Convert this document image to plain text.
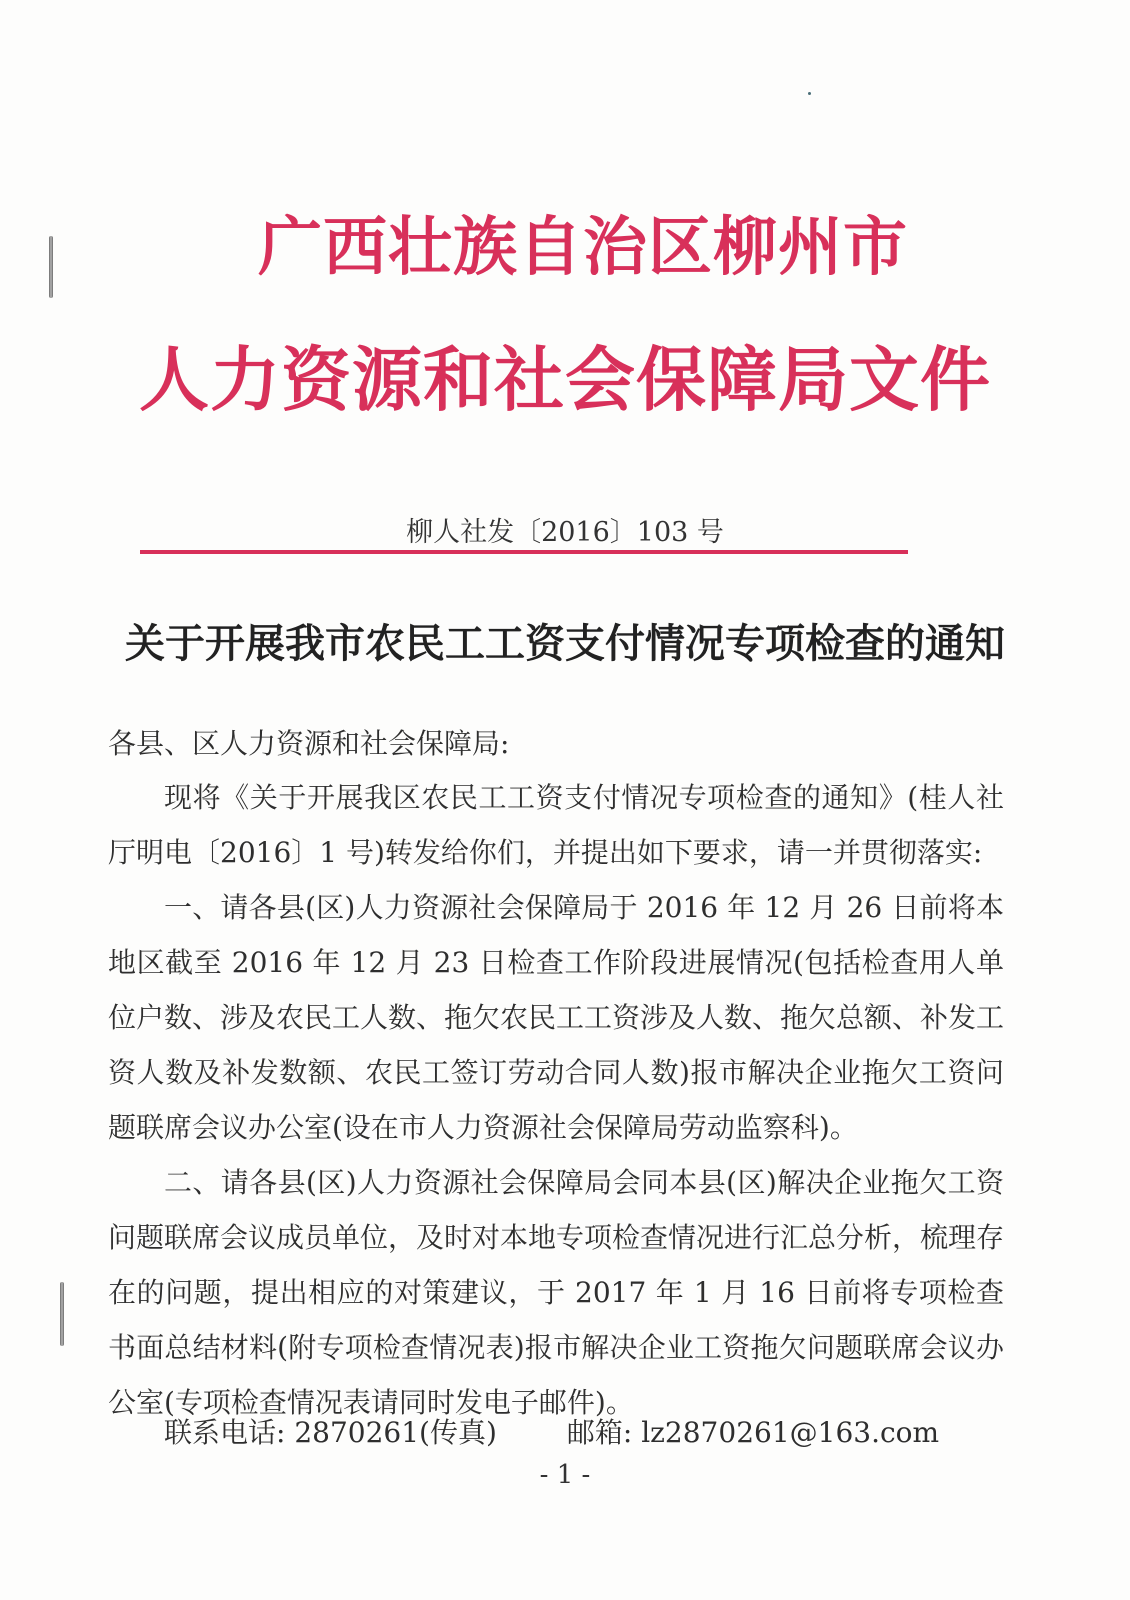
广西壮族自治区柳州市
人力资源和社会保障局文件
柳人社发〔2016〕103 号
关于开展我市农民工工资支付情况专项检查的通知
各县、区人力资源和社会保障局:
现将《关于开展我区农民工工资支付情况专项检查的通知》(桂人社厅明电〔2016〕1 号)转发给你们，并提出如下要求，请一并贯彻落实:
一、请各县(区)人力资源社会保障局于 2016 年 12 月 26 日前将本地区截至 2016 年 12 月 23 日检查工作阶段进展情况(包括检查用人单位户数、涉及农民工人数、拖欠农民工工资涉及人数、拖欠总额、补发工资人数及补发数额、农民工签订劳动合同人数)报市解决企业拖欠工资问题联席会议办公室(设在市人力资源社会保障局劳动监察科)。
二、请各县(区)人力资源社会保障局会同本县(区)解决企业拖欠工资问题联席会议成员单位，及时对本地专项检查情况进行汇总分析，梳理存在的问题，提出相应的对策建议，于 2017 年 1 月 16 日前将专项检查书面总结材料(附专项检查情况表)报市解决企业工资拖欠问题联席会议办公室(专项检查情况表请同时发电子邮件)。
联系电话: 2870261(传真)	邮箱: lz2870261@163.com
- 1 -
